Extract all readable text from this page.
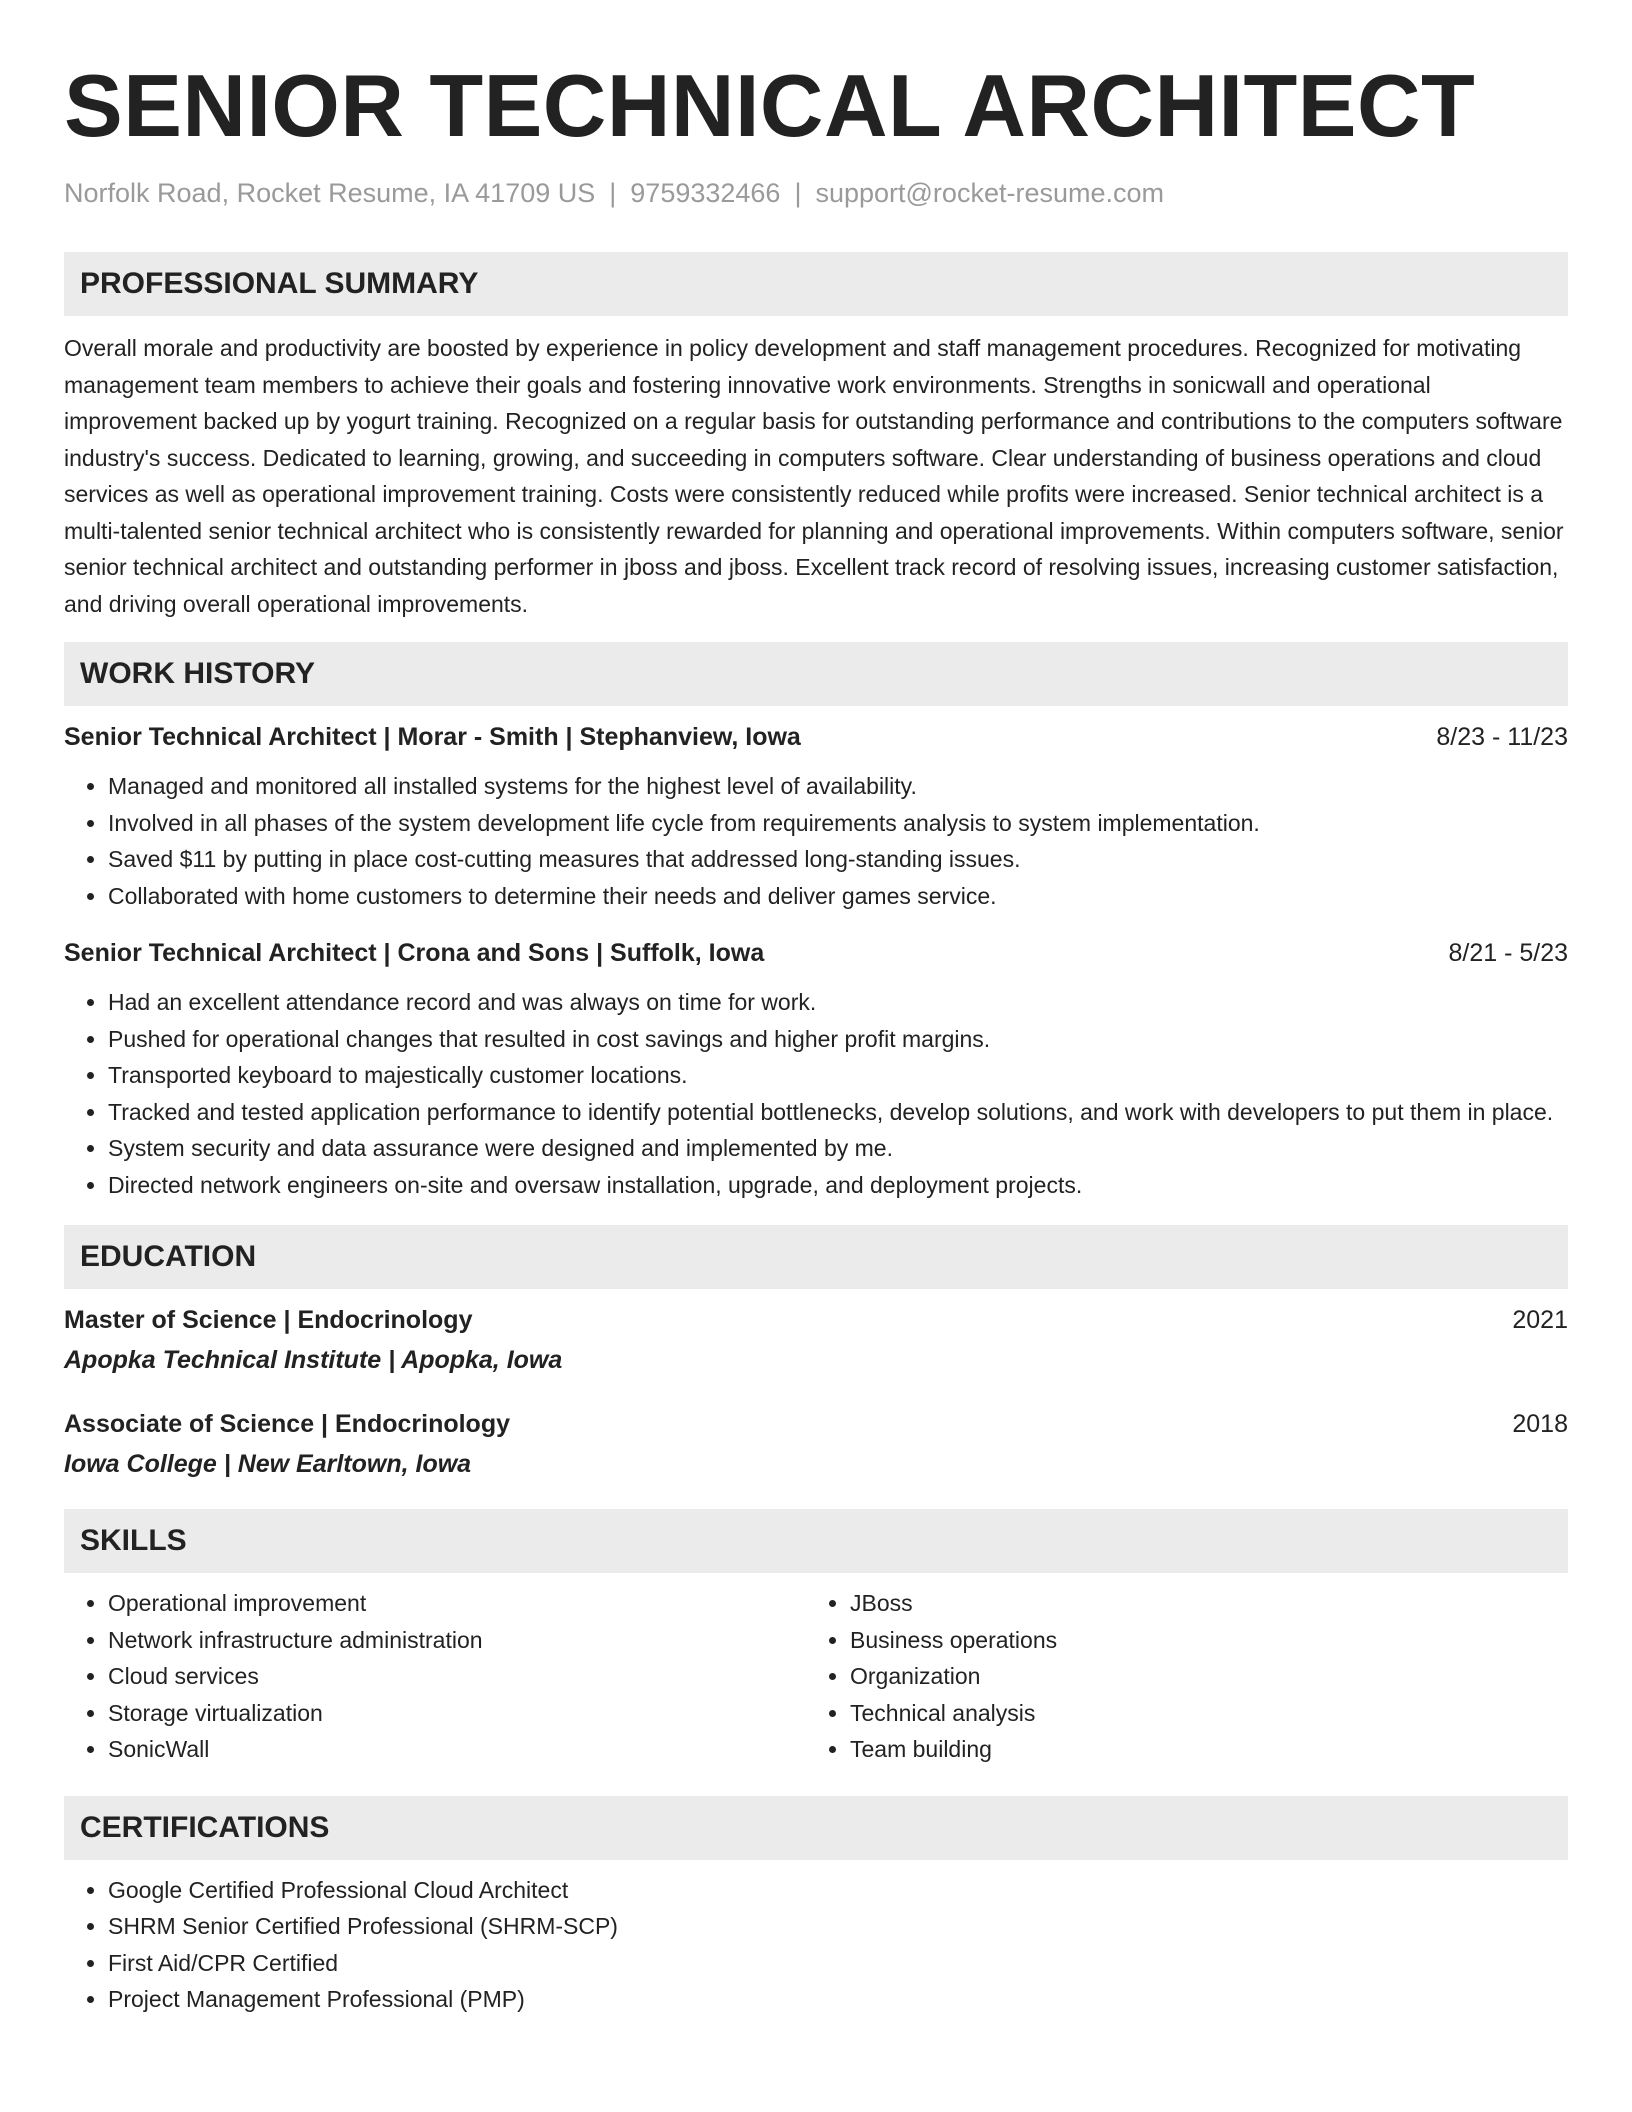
SENIOR TECHNICAL ARCHITECT
Norfolk Road, Rocket Resume, IA 41709 US | 9759332466 | support@rocket-resume.com
PROFESSIONAL SUMMARY
Overall morale and productivity are boosted by experience in policy development and staff management procedures. Recognized for motivating management team members to achieve their goals and fostering innovative work environments. Strengths in sonicwall and operational improvement backed up by yogurt training. Recognized on a regular basis for outstanding performance and contributions to the computers software industry's success. Dedicated to learning, growing, and succeeding in computers software. Clear understanding of business operations and cloud services as well as operational improvement training. Costs were consistently reduced while profits were increased. Senior technical architect is a multi-talented senior technical architect who is consistently rewarded for planning and operational improvements. Within computers software, senior senior technical architect and outstanding performer in jboss and jboss. Excellent track record of resolving issues, increasing customer satisfaction, and driving overall operational improvements.
WORK HISTORY
Senior Technical Architect | Morar - Smith | Stephanview, Iowa	8/23 - 11/23
• Managed and monitored all installed systems for the highest level of availability.
• Involved in all phases of the system development life cycle from requirements analysis to system implementation.
• Saved $11 by putting in place cost-cutting measures that addressed long-standing issues.
• Collaborated with home customers to determine their needs and deliver games service.
Senior Technical Architect | Crona and Sons | Suffolk, Iowa	8/21 - 5/23
• Had an excellent attendance record and was always on time for work.
• Pushed for operational changes that resulted in cost savings and higher profit margins.
• Transported keyboard to majestically customer locations.
• Tracked and tested application performance to identify potential bottlenecks, develop solutions, and work with developers to put them in place.
• System security and data assurance were designed and implemented by me.
• Directed network engineers on-site and oversaw installation, upgrade, and deployment projects.
EDUCATION
Master of Science | Endocrinology	2021
Apopka Technical Institute | Apopka, Iowa
Associate of Science | Endocrinology	2018
Iowa College | New Earltown, Iowa
SKILLS
• Operational improvement
• Network infrastructure administration
• Cloud services
• Storage virtualization
• SonicWall
• JBoss
• Business operations
• Organization
• Technical analysis
• Team building
CERTIFICATIONS
• Google Certified Professional Cloud Architect
• SHRM Senior Certified Professional (SHRM-SCP)
• First Aid/CPR Certified
• Project Management Professional (PMP)
